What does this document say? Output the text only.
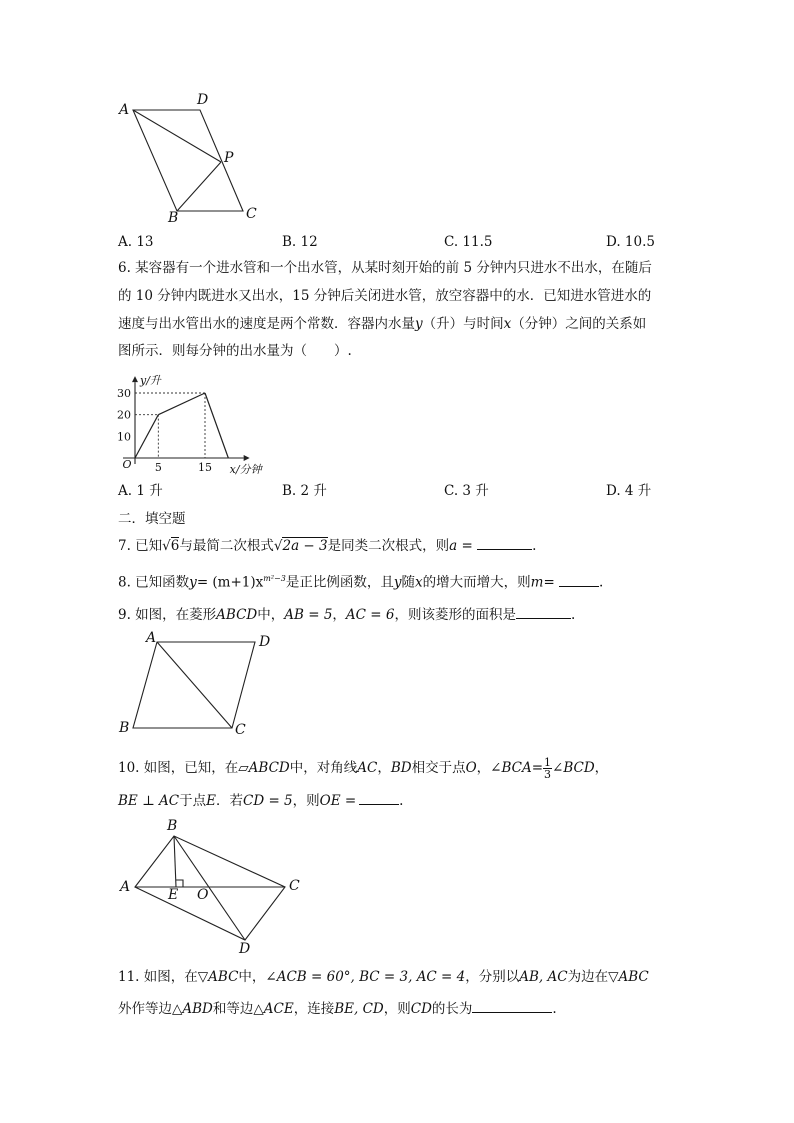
A
D
P
B	C
A. 13	B. 12	C. 11.5	D. 10.5
6. 某容器有一个进水管和一个出水管，从某时刻开始的前 5 分钟内只进水不出水，在随后
的 10 分钟内既进水又出水，15 分钟后关闭进水管，放空容器中的水．已知进水管进水的
速度与出水管出水的速度是两个常数．容器内水量y（升）与时间x（分钟）之间的关系如
图所示．则每分钟的出水量为（　　）.
5	15
10
20
30
O
y/升
x/分钟
A. 1 升	B. 2 升	C. 3 升	D. 4 升
二．填空题
7. 已知√6与最简二次根式√2a − 3是同类二次根式，则a =	.
8. 已知函数$y= (m+1)x^{m^2-3}$是正比例函数，且y随x的增大而增大，则m=	.
9. 如图，在菱形ABCD中，AB = 5，AC = 6，则该菱形的面积是	.
A	D
B	C
10. 如图，已知，在▱ABCD中，对角线AC，BD相交于点O，∠BCA= $\frac{1}{3}$ ∠BCD，
BE ⊥ AC于点E．若CD = 5，则OE =	.
A
B
C
D
E O
11. 如图，在▽ABC中，∠ACB = 60°, BC = 3, AC = 4，分别以AB, AC为边在▽ABC
外作等边△ABD和等边△ACE，连接BE, CD，则CD的长为	.
